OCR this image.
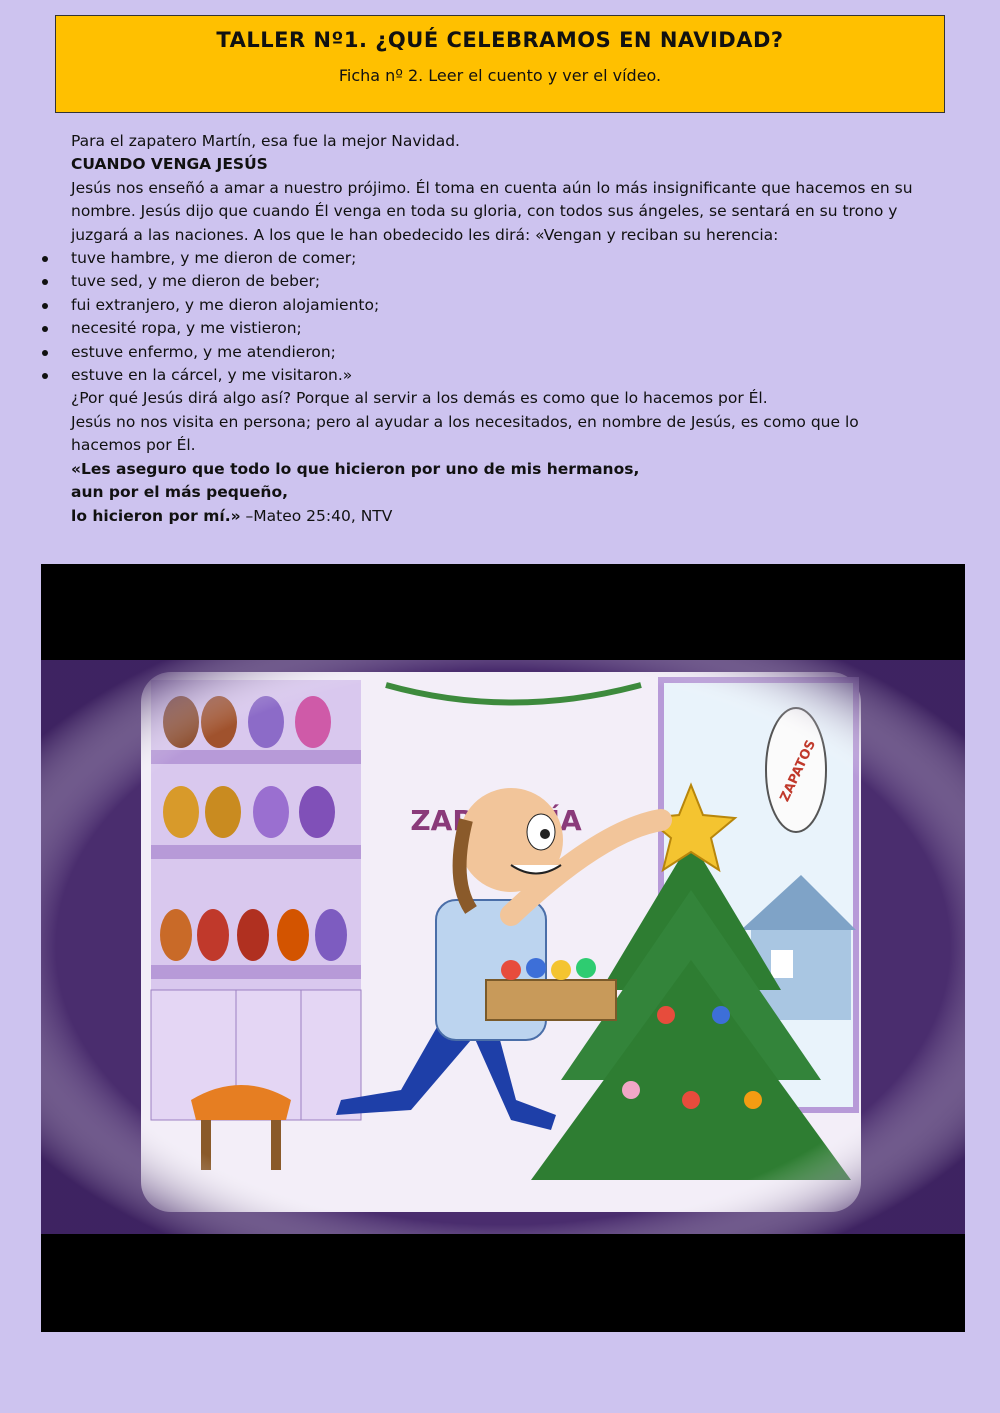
TALLER Nº1. ¿QUÉ CELEBRAMOS EN NAVIDAD?
Ficha nº 2. Leer el cuento y ver el vídeo.

Para el zapatero Martín, esa fue la mejor Navidad.

CUANDO VENGA JESÚS

Jesús nos enseñó a amar a nuestro prójimo. Él toma en cuenta aún lo más insignificante que hacemos en su nombre. Jesús dijo que cuando Él venga en toda su gloria, con todos sus ángeles, se sentará en su trono y juzgará a las naciones. A los que le han obedecido les dirá: «Vengan y reciban su herencia:

tuve hambre, y me dieron de comer;
tuve sed, y me dieron de beber;
fui extranjero, y me dieron alojamiento;
necesité ropa, y me vistieron;
estuve enfermo, y me atendieron;
estuve en la cárcel, y me visitaron.»

¿Por qué Jesús dirá algo así? Porque al servir a los demás es como que lo hacemos por Él.

Jesús no nos visita en persona; pero al ayudar a los necesitados, en nombre de Jesús, es como que lo hacemos por Él.

«Les aseguro que todo lo que hicieron por uno de mis hermanos,

aun por el más pequeño,

lo hicieron por mí.» –Mateo 25:40, NTV
